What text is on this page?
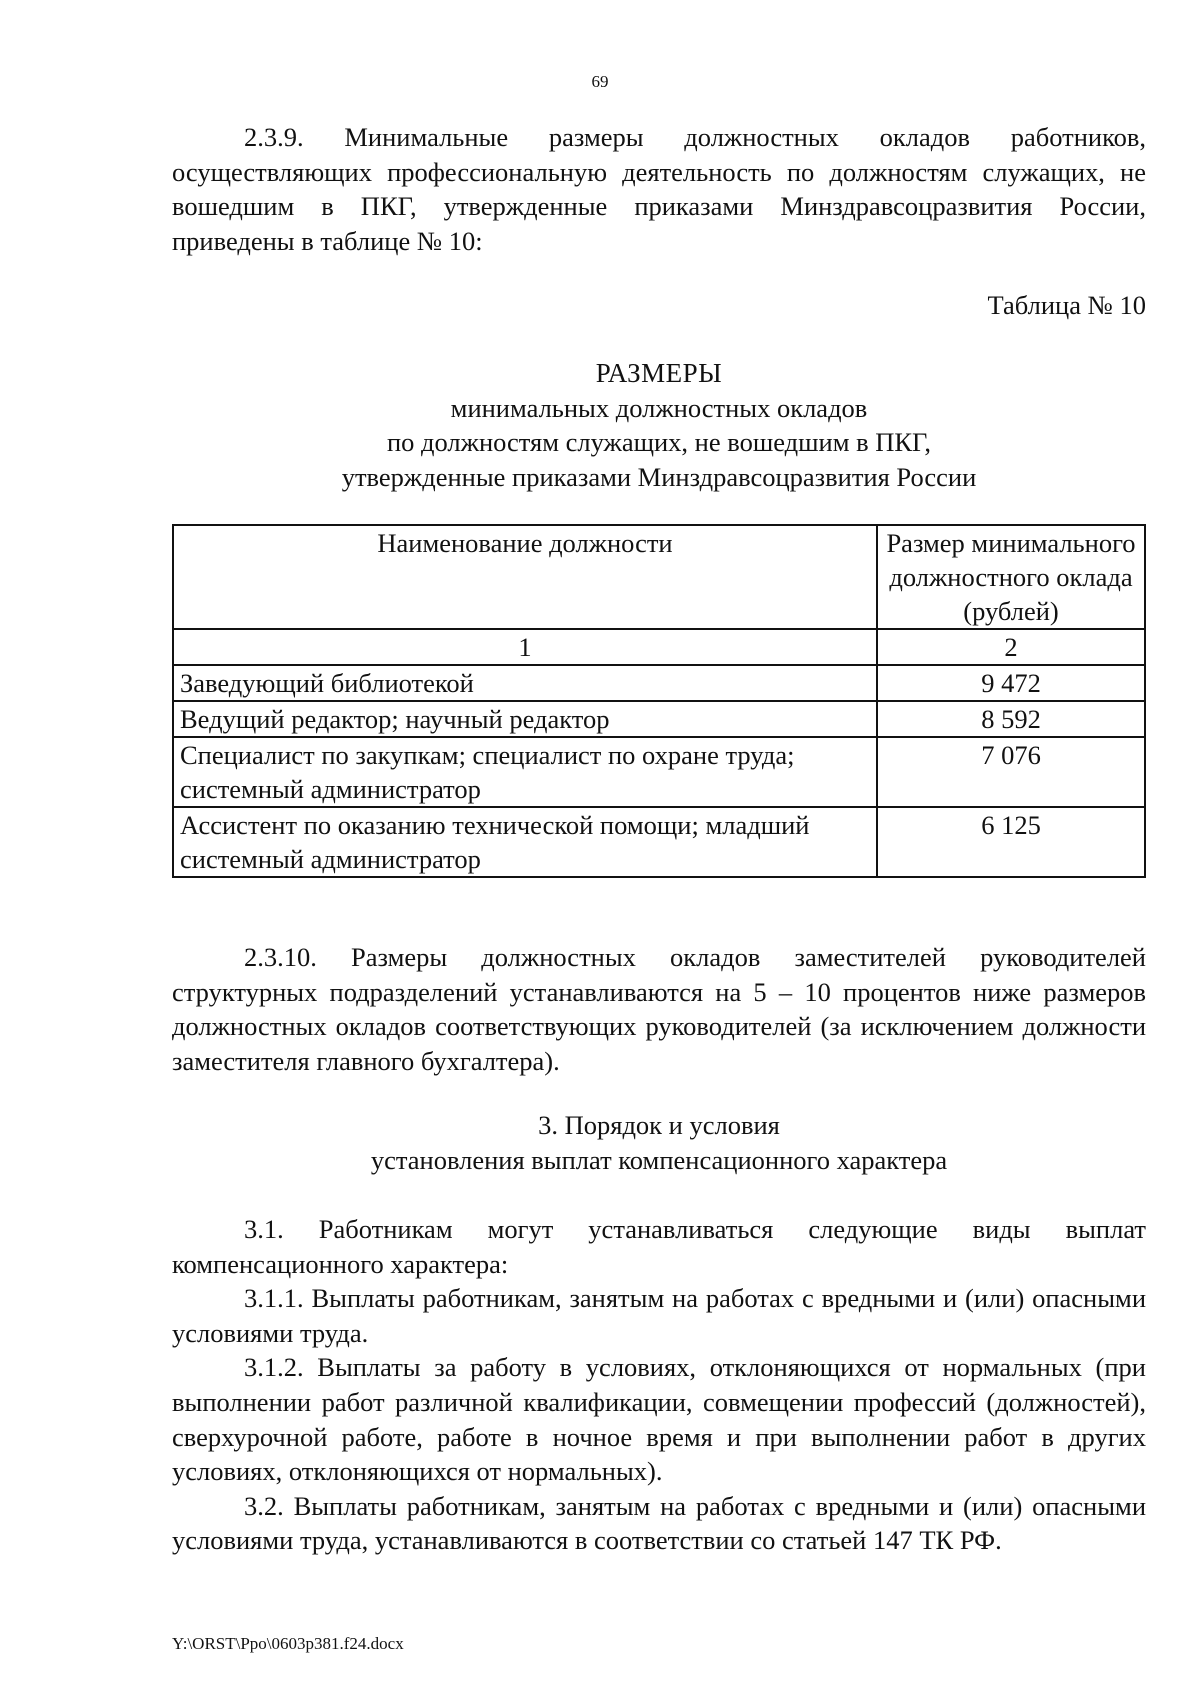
69

2.3.9. Минимальные размеры должностных окладов работников, осуществляющих профессиональную деятельность по должностям служащих, не вошедшим в ПКГ, утвержденные приказами Минздравсоцразвития России, приведены в таблице № 10:

Таблица № 10
РАЗМЕРЫ
минимальных должностных окладов
по должностям служащих, не вошедшим в ПКГ,
утвержденные приказами Минздравсоцразвития России
Наименование должности	Размер минимального должностного оклада (рублей)
1	2
Заведующий библиотекой	9 472
Ведущий редактор; научный редактор	8 592
Специалист по закупкам; специалист по охране труда; системный администратор	7 076
Ассистент по оказанию технической помощи; младший системный администратор	6 125

2.3.10. Размеры должностных окладов заместителей руководителей структурных подразделений устанавливаются на 5 – 10 процентов ниже размеров должностных окладов соответствующих руководителей (за исключением должности заместителя главного бухгалтера).

3. Порядок и условия
установления выплат компенсационного характера

3.1. Работникам могут устанавливаться следующие виды выплат компенсационного характера:

3.1.1. Выплаты работникам, занятым на работах с вредными и (или) опасными условиями труда.

3.1.2. Выплаты за работу в условиях, отклоняющихся от нормальных (при выполнении работ различной квалификации, совмещении профессий (должностей), сверхурочной работе, работе в ночное время и при выполнении работ в других условиях, отклоняющихся от нормальных).

3.2. Выплаты работникам, занятым на работах с вредными и (или) опасными условиями труда, устанавливаются в соответствии со статьей 147 ТК РФ.

Y:\ORST\Ppo\0603p381.f24.docx
